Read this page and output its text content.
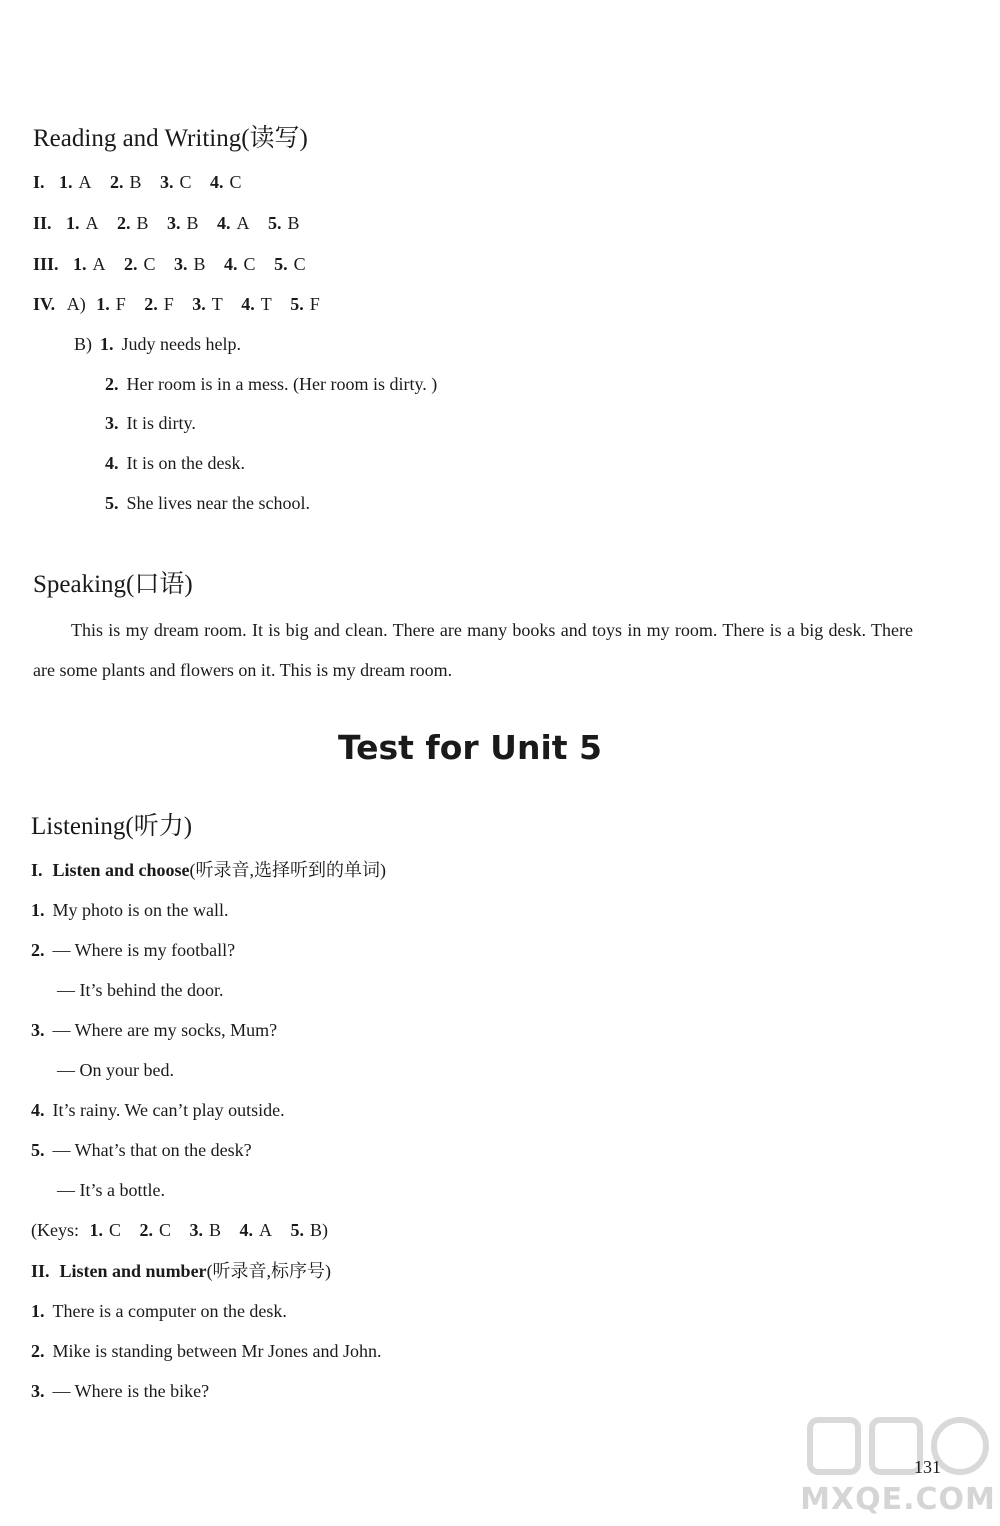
Reading and Writing(读写)
I. 1. A 2. B 3. C 4. C
II. 1. A 2. B 3. B 4. A 5. B
III. 1. A 2. C 3. B 4. C 5. C
IV. A) 1. F 2. F 3. T 4. T 5. F
B) 1. Judy needs help.
2. Her room is in a mess. (Her room is dirty. )
3. It is dirty.
4. It is on the desk.
5. She lives near the school.
Speaking(口语)
This is my dream room. It is big and clean. There are many books and toys in my room. There is a big desk. There are some plants and flowers on it. This is my dream room.
Test for Unit 5
Listening(听力)
I. Listen and choose(听录音,选择听到的单词)
1. My photo is on the wall.
2. — Where is my football?
— It’s behind the door.
3. — Where are my socks, Mum?
— On your bed.
4. It’s rainy. We can’t play outside.
5. — What’s that on the desk?
— It’s a bottle.
(Keys: 1. C 2. C 3. B 4. A 5. B)
II. Listen and number(听录音,标序号)
1. There is a computer on the desk.
2. Mike is standing between Mr Jones and John.
3. — Where is the bike?
MXQE.COM
131
